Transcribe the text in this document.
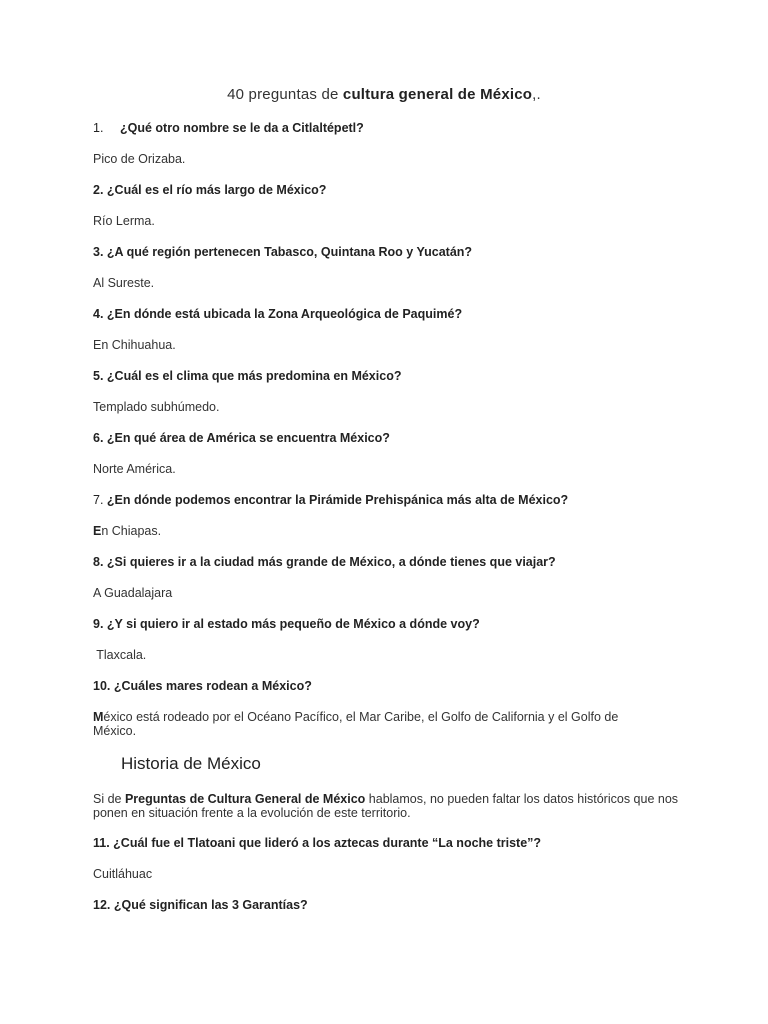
40 preguntas de cultura general de México,.
1. ¿Qué otro nombre se le da a Citlaltépetl?
Pico de Orizaba.
2. ¿Cuál es el río más largo de México?
Río Lerma.
3. ¿A qué región pertenecen Tabasco, Quintana Roo y Yucatán?
Al Sureste.
4. ¿En dónde está ubicada la Zona Arqueológica de Paquimé?
En Chihuahua.
5. ¿Cuál es el clima que más predomina en México?
Templado subhúmedo.
6. ¿En qué área de América se encuentra México?
Norte América.
7. ¿En dónde podemos encontrar la Pirámide Prehispánica más alta de México?
En Chiapas.
8. ¿Si quieres ir a la ciudad más grande de México, a dónde tienes que viajar?
A Guadalajara
9. ¿Y si quiero ir al estado más pequeño de México a dónde voy?
Tlaxcala.
10. ¿Cuáles mares rodean a México?
México está rodeado por el Océano Pacífico, el Mar Caribe, el Golfo de California y el Golfo de México.
Historia de México
Si de Preguntas de Cultura General de México hablamos, no pueden faltar los datos históricos que nos ponen en situación frente a la evolución de este territorio.
11. ¿Cuál fue el Tlatoani que lideró a los aztecas durante “La noche triste”?
Cuitláhuac
12. ¿Qué significan las 3 Garantías?
